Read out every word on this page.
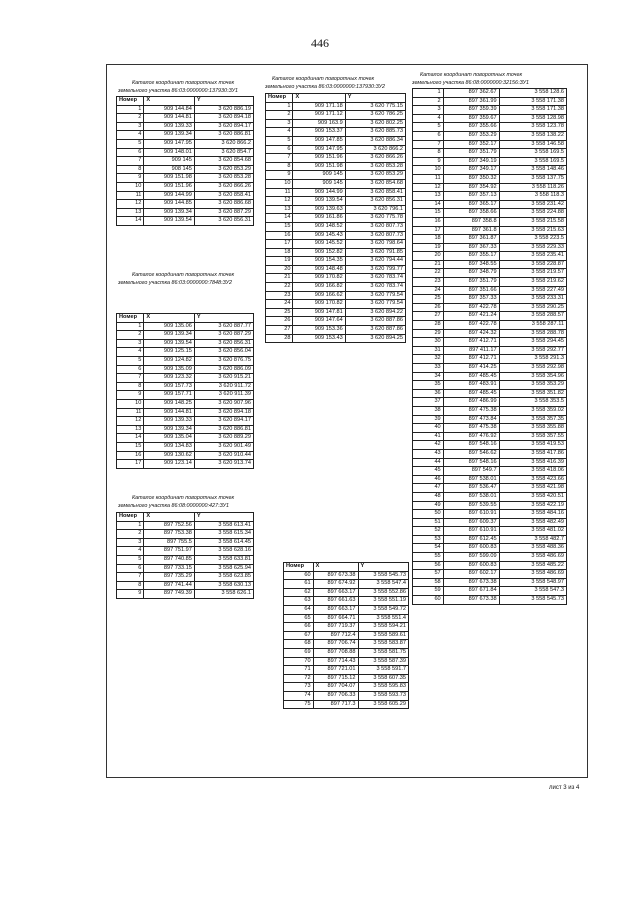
446
Каталог координат поворотных точек
земельного участка 86:03:0000000:137930:ЗУ1
Номер	X	Y
1	909 144.84	3 620 886.19
2	909 144.81	3 620 894.18
3	909 139.33	3 620 894.17
4	909 139.34	3 620 886.81
5	909 147.95	3 620 866.2
6	909 148.01	3 620 854.7
7	909 145	3 620 854.68
8	908 145	3 620 853.29
9	909 151.98	3 620 853.28
10	909 151.96	3 620 866.26
11	909 144.99	3 620 858.41
12	909 144.85	3 620 886.68
13	909 139.34	3 620 887.29
14	909 139.54	3 620 856.31
Каталог координат поворотных точек
земельного участка 86:03:0000000:7848:ЗУ2
Номер	X	Y
1	909 135.06	3 620 887.77
2	909 139.34	3 620 887.29
3	909 139.54	3 620 856.31
4	909 125.15	3 620 856.04
5	909 124.82	3 620 876.75
6	909 135.09	3 620 886.09
7	909 123.32	3 620 915.21
8	909 157.73	3 620 911.72
9	909 157.71	3 620 911.39
10	909 148.25	3 620 907.96
11	909 144.81	3 620 894.18
12	909 139.33	3 620 894.17
13	909 139.34	3 620 886.81
14	909 135.04	3 620 889.29
15	909 134.83	3 620 901.49
16	909 130.62	3 620 910.44
17	909 123.14	3 620 913.74
Каталог координат поворотных точек
земельного участка 86:08:0000000:427:ЗУ1
Номер	X	Y
1	897 752.56	3 558 613.41
2	897 753.38	3 558 615.34
3	897 755.5	3 558 614.45
4	897 751.97	3 558 628.16
5	897 740.85	3 558 633.81
6	897 733.15	3 558 625.94
7	897 735.29	3 558 623.85
8	897 741.44	3 558 630.13
9	897 749.39	3 558 626.1
Каталог координат поворотных точек
земельного участка 86:03:0000000:137930:ЗУ2
Номер	X	Y
1	909 171.18	3 620 775.15
2	909 171.12	3 620 786.25
3	909 163.9	3 620 802.25
4	909 153.37	3 620 885.73
5	909 147.85	3 620 886.34
6	909 147.95	3 620 866.2
7	909 151.96	3 620 866.26
8	909 151.98	3 620 853.28
9	909 145	3 620 853.29
10	909 145	3 620 854.68
11	909 144.99	3 620 858.41
12	909 139.54	3 620 856.31
13	909 139.63	3 620 796.1
14	909 161.86	3 620 775.78
15	909 148.52	3 620 807.73
16	909 145.43	3 620 807.73
17	909 145.52	3 620 798.64
18	909 152.82	3 620 791.85
19	909 154.35	3 620 794.44
20	909 148.48	3 620 799.77
21	909 170.82	3 620 783.74
22	909 166.82	3 620 783.74
23	909 166.62	3 620 779.54
24	909 170.82	3 620 779.54
25	909 147.81	3 620 894.22
26	909 147.64	3 620 887.86
27	909 153.36	3 620 887.86
28	909 153.43	3 620 894.25
Каталог координат поворотных точек
земельного участка 86:08:0000000:32156:ЗУ1
1	897 362.67	3 558 128.6
2	897 361.99	3 558 171.38
3	897 359.39	3 558 171.38
4	897 359.67	3 558 128.98
5	897 355.66	3 558 123.78
6	897 353.29	3 558 138.22
7	897 352.17	3 558 146.58
8	897 351.79	3 558 169.5
9	897 349.19	3 558 169.5
10	897 349.17	3 558 148.46
11	897 350.32	3 558 137.75
12	897 354.92	3 558 118.26
13	897 357.13	3 558 118.3
14	897 365.17	3 558 231.42
15	897 358.66	3 558 224.88
16	897 358.8	3 558 215.58
17	897 361.8	3 558 215.63
18	897 361.87	3 558 223.5
19	897 367.33	3 558 229.33
20	897 355.17	3 558 235.41
21	897 348.55	3 558 228.87
22	897 348.79	3 558 219.57
23	897 351.79	3 558 219.62
24	897 351.66	3 558 227.49
25	897 357.33	3 558 233.31
26	897 422.78	3 558 290.25
27	897 421.24	3 558 288.57
28	897 422.78	3 558 287.11
29	897 424.32	3 558 288.78
30	897 412.71	3 558 294.45
31	897 411.17	3 558 292.77
32	897 412.71	3 558 291.3
33	897 414.25	3 558 292.98
34	897 485.45	3 558 354.96
35	897 483.91	3 558 353.29
36	897 485.45	3 558 351.82
37	897 486.99	3 558 353.5
38	897 475.38	3 558 359.02
39	897 473.84	3 558 357.35
40	897 475.38	3 558 355.88
41	897 476.92	3 558 357.55
42	897 548.16	3 558 419.53
43	897 546.62	3 558 417.86
44	897 548.16	3 558 416.39
45	897 549.7	3 558 418.06
46	897 538.01	3 558 423.66
47	897 536.47	3 558 421.98
48	897 538.01	3 558 420.51
49	897 539.55	3 558 422.19
50	897 610.91	3 558 484.16
51	897 609.37	3 558 482.49
52	897 610.91	3 558 481.02
53	897 612.45	3 558 482.7
54	897 600.83	3 558 488.36
55	897 599.09	3 558 486.69
56	897 600.83	3 558 485.22
57	897 602.17	3 558 486.69
58	897 673.38	3 558 548.97
59	897 671.84	3 558 547.3
60	897 673.38	3 558 545.73
Номер	X	Y
60	897 673.38	3 558 545.73
61	897 674.92	3 558 547.4
62	897 663.17	3 558 552.86
63	897 661.63	3 558 551.19
64	897 663.17	3 558 549.72
65	897 664.71	3 558 551.4
66	897 719.37	3 558 594.21
67	897 712.4	3 558 589.61
68	897 706.74	3 558 583.87
69	897 708.88	3 558 581.75
70	897 714.43	3 558 587.39
71	897 721.01	3 558 591.7
72	897 715.12	3 558 607.35
73	897 704.07	3 558 595.83
74	897 706.33	3 558 593.73
75	897 717.3	3 558 605.29
лист 3 из 4
